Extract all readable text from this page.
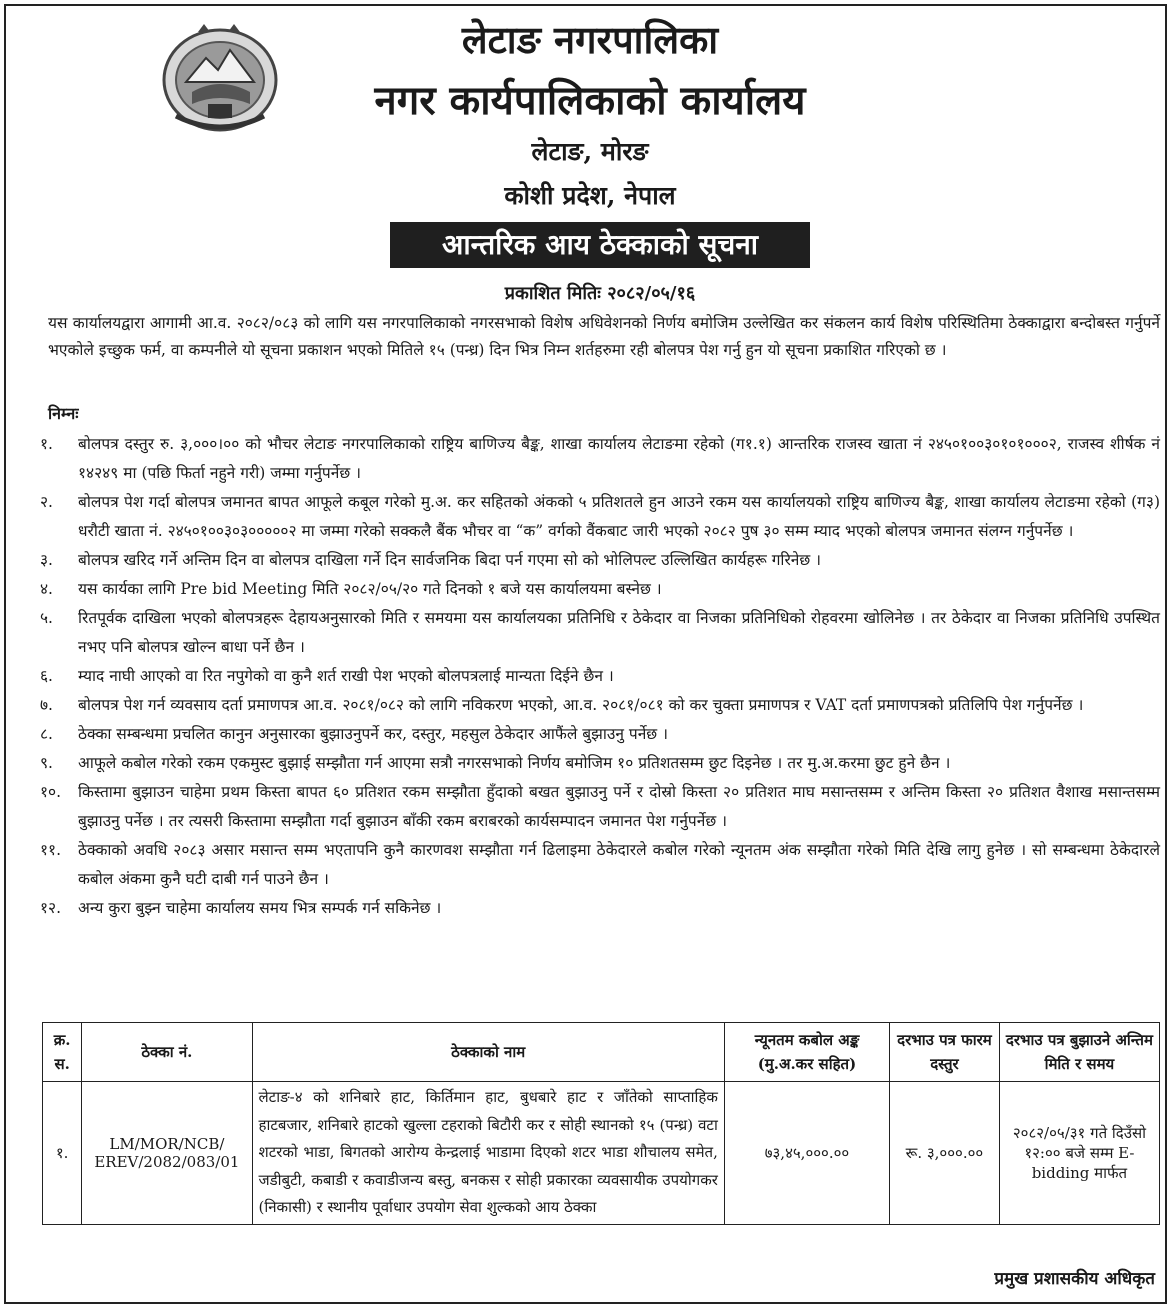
लेटाङ नगरपालिका
नगर कार्यपालिकाको कार्यालय
लेटाङ, मोरङ
कोशी प्रदेश, नेपाल
आन्तरिक आय ठेक्काको सूचना
प्रकाशित मितिः २०८२/०५/१६
यस कार्यालयद्वारा आगामी आ.व. २०८२/०८३ को लागि यस नगरपालिकाको नगरसभाको विशेष अधिवेशनको निर्णय बमोजिम उल्लेखित कर संकलन कार्य विशेष परिस्थितिमा ठेक्काद्वारा बन्दोबस्त गर्नुपर्ने भएकोले इच्छुक फर्म, वा कम्पनीले यो सूचना प्रकाशन भएको मितिले १५ (पन्ध्र) दिन भित्र निम्न शर्तहरुमा रही बोलपत्र पेश गर्नु हुन यो सूचना प्रकाशित गरिएको छ ।
निम्नः
१.	बोलपत्र दस्तुर रु. ३,०००।०० को भौचर लेटाङ नगरपालिकाको राष्ट्रिय बाणिज्य बैङ्क, शाखा कार्यालय लेटाङमा रहेको (ग१.१) आन्तरिक राजस्व खाता नं २४५०१००३०१०१०००२, राजस्व शीर्षक नं १४२४९ मा (पछि फिर्ता नहुने गरी) जम्मा गर्नुपर्नेछ ।
२.	बोलपत्र पेश गर्दा बोलपत्र जमानत बापत आफूले कबूल गरेको मु.अ. कर सहितको अंकको ५ प्रतिशतले हुन आउने रकम यस कार्यालयको राष्ट्रिय बाणिज्य बैङ्क, शाखा कार्यालय लेटाङमा रहेको (ग३) धरौटी खाता नं. २४५०१००३०३०००००२ मा जम्मा गरेको सक्कलै बैंक भौचर वा “क” वर्गको वैंकबाट जारी भएको २०८२ पुष ३० सम्म म्याद भएको बोलपत्र जमानत संलग्न गर्नुपर्नेछ ।
३.	बोलपत्र खरिद गर्ने अन्तिम दिन वा बोलपत्र दाखिला गर्ने दिन सार्वजनिक बिदा पर्न गएमा सो को भोलिपल्ट उल्लिखित कार्यहरू गरिनेछ ।
४.	यस कार्यका लागि Pre bid Meeting मिति २०८२/०५/२० गते दिनको १ बजे यस कार्यालयमा बस्नेछ ।
५.	रितपूर्वक दाखिला भएको बोलपत्रहरू देहायअनुसारको मिति र समयमा यस कार्यालयका प्रतिनिधि र ठेकेदार वा निजका प्रतिनिधिको रोहवरमा खोलिनेछ । तर ठेकेदार वा निजका प्रतिनिधि उपस्थित नभए पनि बोलपत्र खोल्न बाधा पर्ने छैन ।
६.	म्याद नाघी आएको वा रित नपुगेको वा कुनै शर्त राखी पेश भएको बोलपत्रलाई मान्यता दिईने छैन ।
७.	बोलपत्र पेश गर्न व्यवसाय दर्ता प्रमाणपत्र आ.व. २०८१/०८२ को लागि नविकरण भएको, आ.व. २०८१/०८१ को कर चुक्ता प्रमाणपत्र र VAT दर्ता प्रमाणपत्रको प्रतिलिपि पेश गर्नुपर्नेछ ।
८.	ठेक्का सम्बन्धमा प्रचलित कानुन अनुसारका बुझाउनुपर्ने कर, दस्तुर, महसुल ठेकेदार आफैंले बुझाउनु पर्नेछ ।
९.	आफूले कबोल गरेको रकम एकमुस्ट बुझाई सम्झौता गर्न आएमा सत्रौ नगरसभाको निर्णय बमोजिम १० प्रतिशतसम्म छुट दिइनेछ । तर मु.अ.करमा छुट हुने छैन ।
१०.	किस्तामा बुझाउन चाहेमा प्रथम किस्ता बापत ६० प्रतिशत रकम सम्झौता हुँदाको बखत बुझाउनु पर्ने र दोस्रो किस्ता २० प्रतिशत माघ मसान्तसम्म र अन्तिम किस्ता २० प्रतिशत वैशाख मसान्तसम्म बुझाउनु पर्नेछ । तर त्यसरी किस्तामा सम्झौता गर्दा बुझाउन बाँकी रकम बराबरको कार्यसम्पादन जमानत पेश गर्नुपर्नेछ ।
११.	ठेक्काको अवधि २०८३ असार मसान्त सम्म भएतापनि कुनै कारणवश सम्झौता गर्न ढिलाइमा ठेकेदारले कबोल गरेको न्यूनतम अंक सम्झौता गरेको मिति देखि लागु हुनेछ । सो सम्बन्धमा ठेकेदारले कबोल अंकमा कुनै घटी दाबी गर्न पाउने छैन ।
१२.	अन्य कुरा बुझ्न चाहेमा कार्यालय समय भित्र सम्पर्क गर्न सकिनेछ ।
क्र. स.	ठेक्का नं.	ठेक्काको नाम	न्यूनतम कबोल अङ्क (मु.अ.कर सहित)	दरभाउ पत्र फारम दस्तुर	दरभाउ पत्र बुझाउने अन्तिम मिति र समय
१.	LM/MOR/NCB/ EREV/2082/083/01	लेटाङ-४ को शनिबारे हाट, किर्तिमान हाट, बुधबारे हाट र जाँतेको साप्ताहिक हाटबजार, शनिबारे हाटको खुल्ला टहराको बिटौरी कर र सोही स्थानको १५ (पन्ध्र) वटा शटरको भाडा, बिगतको आरोग्य केन्द्रलाई भाडामा दिएको शटर भाडा शौचालय समेत, जडीबुटी, कबाडी र कवाडीजन्य बस्तु, बनकस र सोही प्रकारका व्यवसायीक उपयोगकर (निकासी) र स्थानीय पूर्वाधार उपयोग सेवा शुल्कको आय ठेक्का	७३,४५,०००.००	रू. ३,०००.००	२०८२/०५/३१ गते दिउँसो १२:०० बजे सम्म E-bidding मार्फत
प्रमुख प्रशासकीय अधिकृत
